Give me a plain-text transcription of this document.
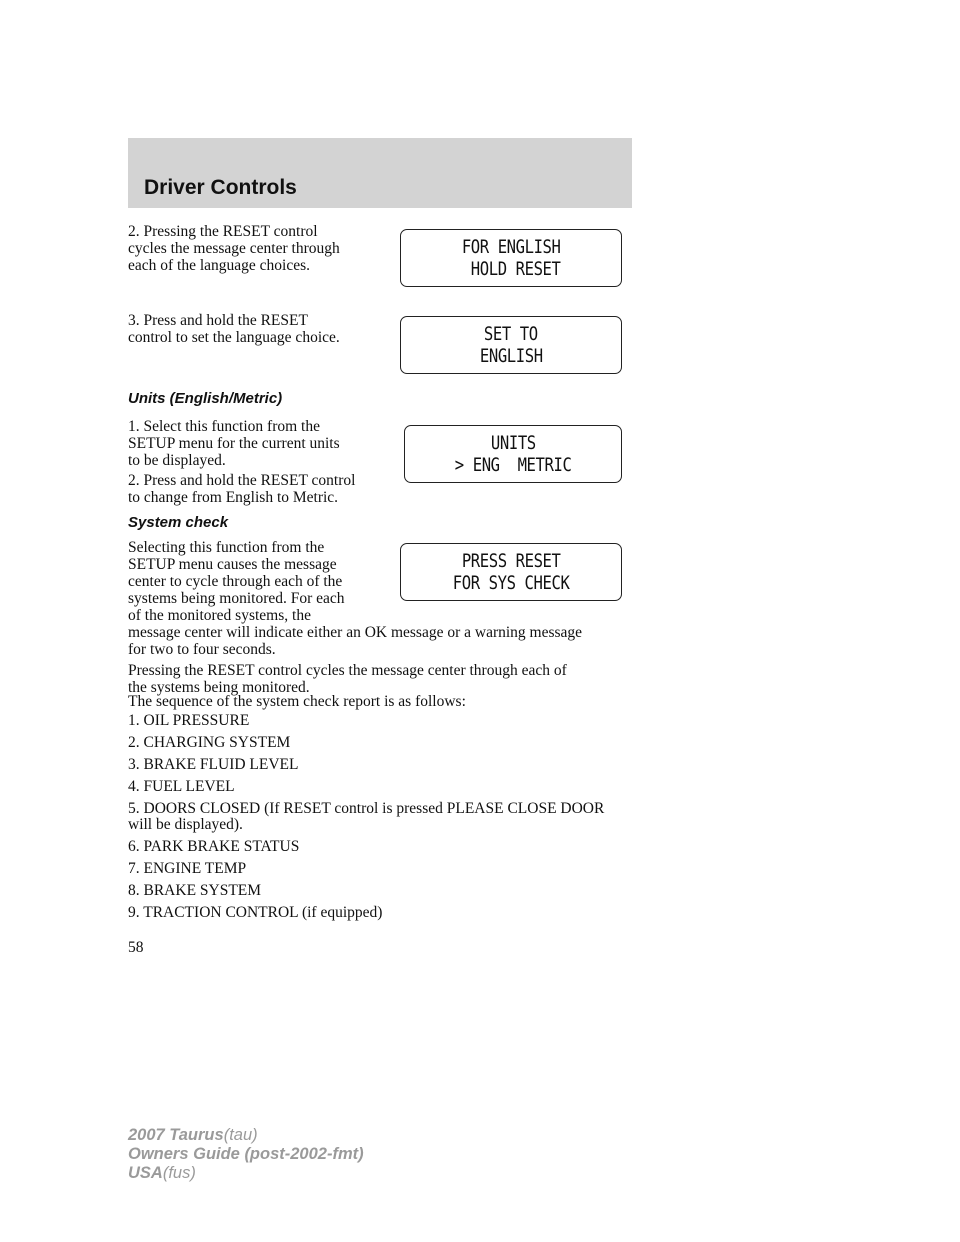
Driver Controls
2. Pressing the RESET control
cycles the message center through
each of the language choices.
FOR ENGLISH
HOLD RESET
3. Press and hold the RESET
control to set the language choice.	SET TO
ENGLISH

Units (English/Metric)

1. Select this function from the
SETUP menu for the current units
to be displayed.
2. Press and hold the RESET control
to change from English to Metric.
UNITS
> ENG  METRIC

System check

Selecting this function from the
SETUP menu causes the message
center to cycle through each of the
systems being monitored. For each
of the monitored systems, the
message center will indicate either an OK message or a warning message
for two to four seconds.
PRESS RESET
FOR SYS CHECK
Pressing the RESET control cycles the message center through each of
the systems being monitored.

The sequence of the system check report is as follows:

1. OIL PRESSURE

2. CHARGING SYSTEM

3. BRAKE FLUID LEVEL

4. FUEL LEVEL

5. DOORS CLOSED (If RESET control is pressed PLEASE CLOSE DOOR

will be displayed).

6. PARK BRAKE STATUS

7. ENGINE TEMP

8. BRAKE SYSTEM

9. TRACTION CONTROL (if equipped)

58
2007 Taurus(tau)
Owners Guide (post-2002-fmt)
USA(fus)
